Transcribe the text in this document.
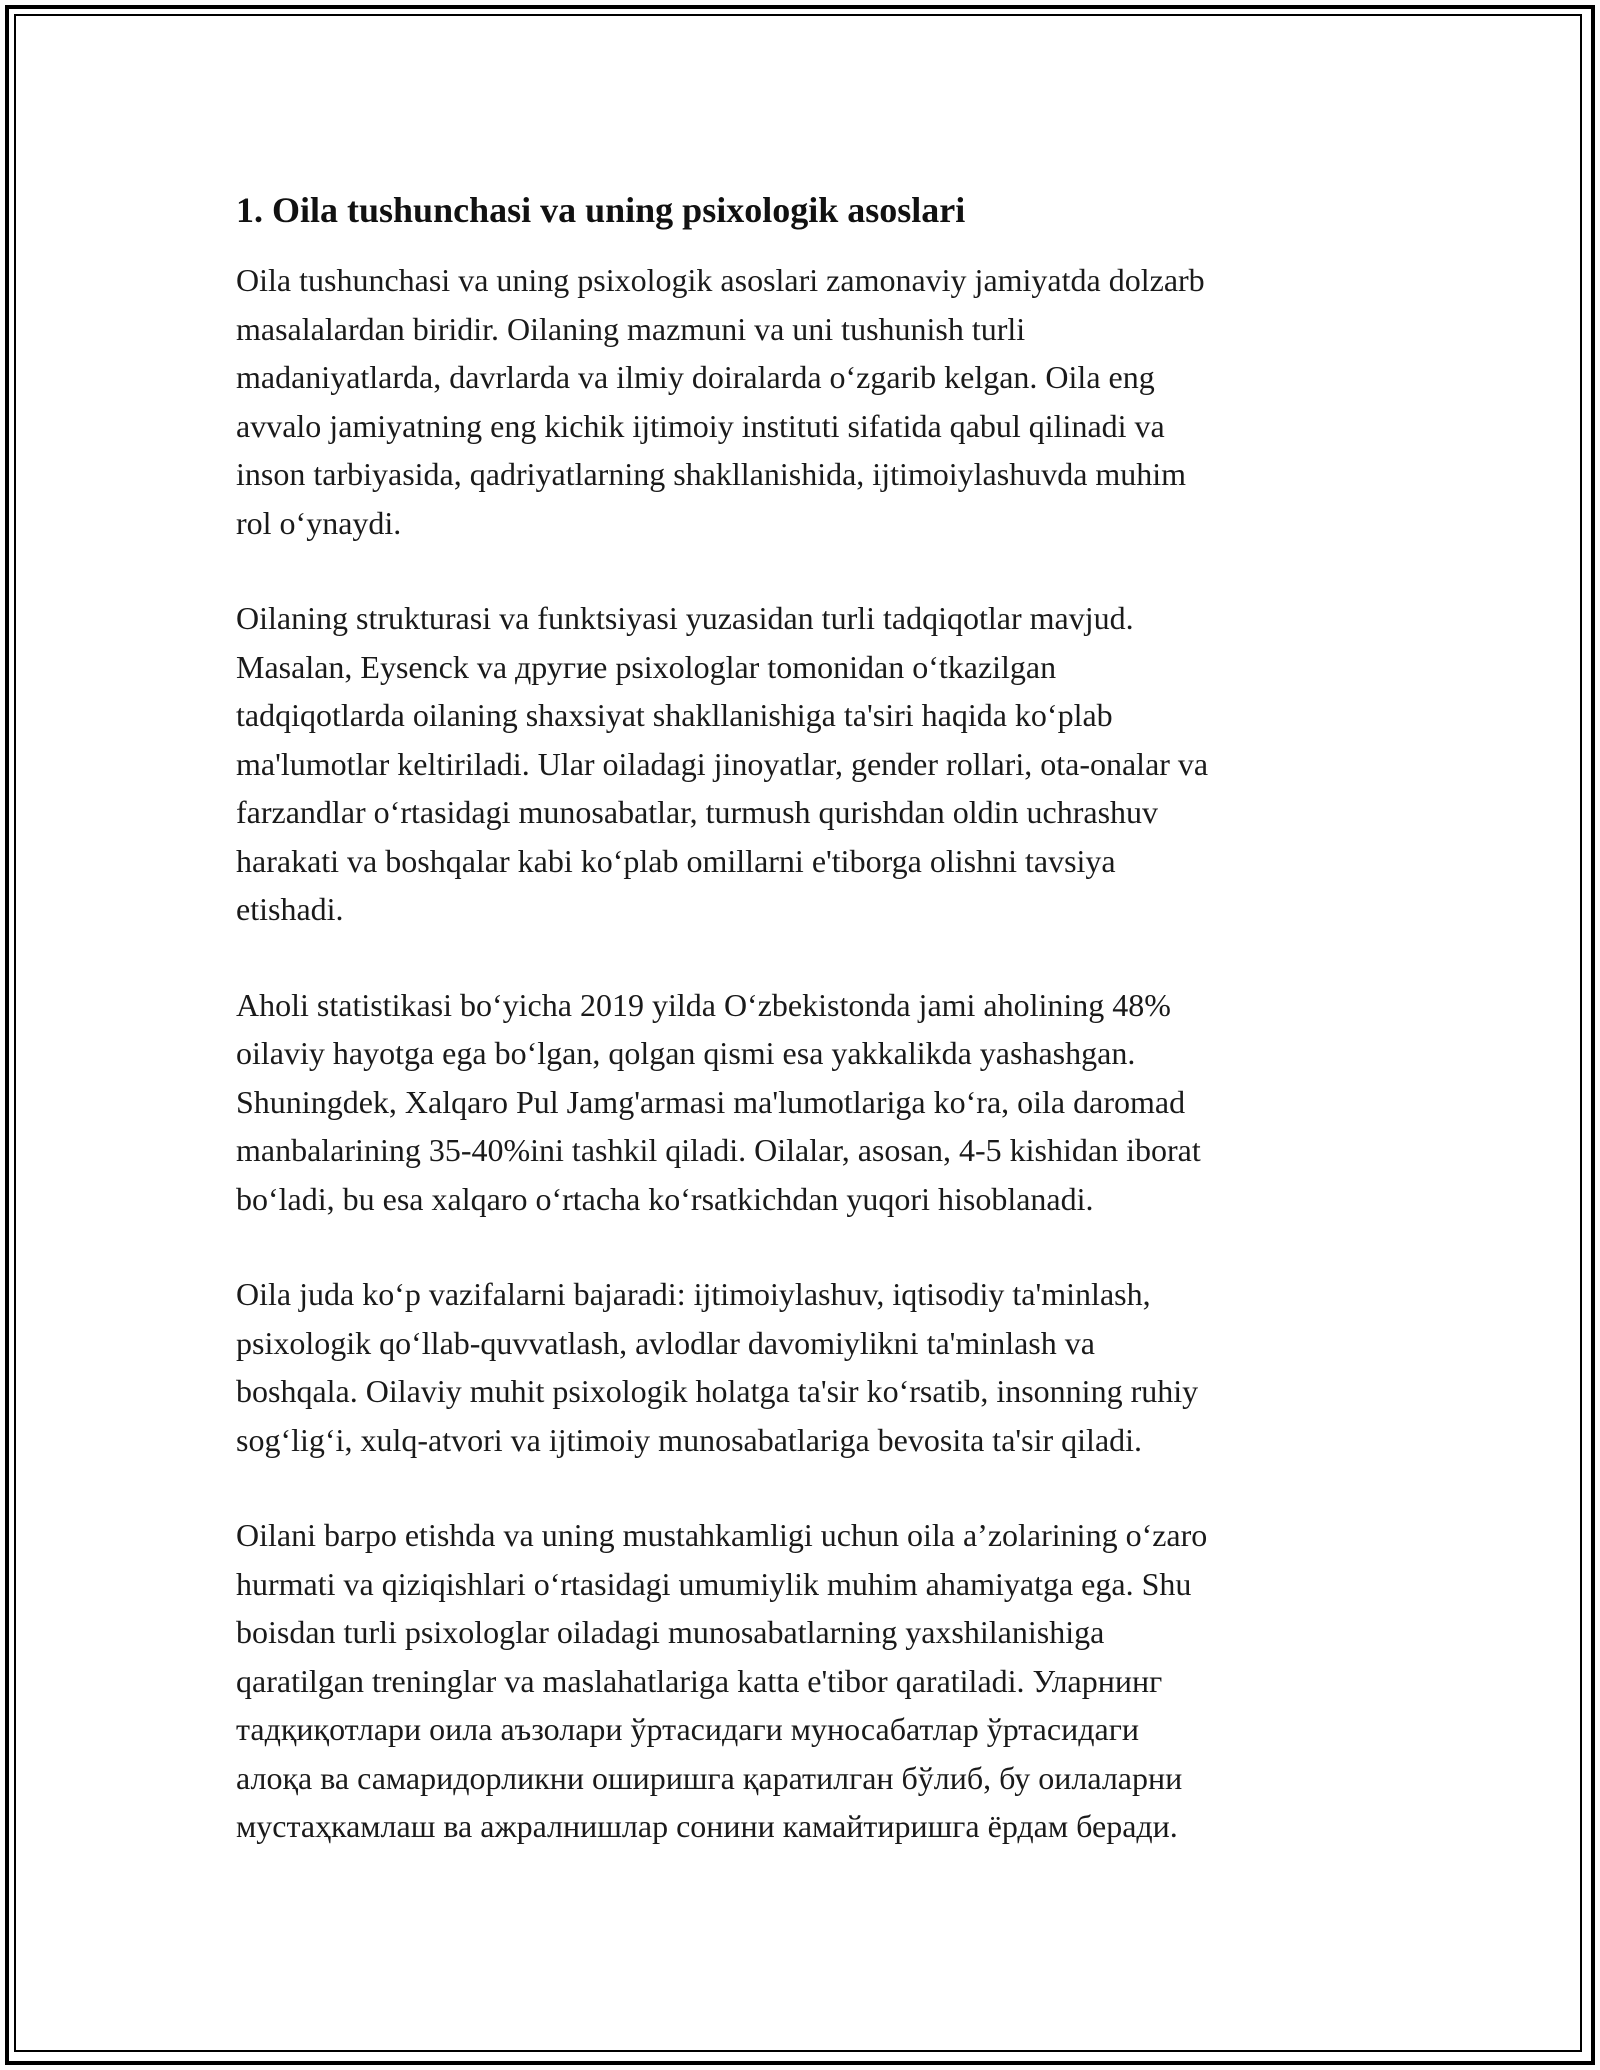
1. Oila tushunchasi va uning psixologik asoslari

Oila tushunchasi va uning psixologik asoslari zamonaviy jamiyatda dolzarb
masalalardan biridir. Oilaning mazmuni va uni tushunish turli
madaniyatlarda, davrlarda va ilmiy doiralarda oʻzgarib kelgan. Oila eng
avvalo jamiyatning eng kichik ijtimoiy instituti sifatida qabul qilinadi va
inson tarbiyasida, qadriyatlarning shakllanishida, ijtimoiylashuvda muhim
rol oʻynaydi.

Oilaning strukturasi va funktsiyasi yuzasidan turli tadqiqotlar mavjud.
Masalan, Eysenck va другие psixologlar tomonidan oʻtkazilgan
tadqiqotlarda oilaning shaxsiyat shakllanishiga ta'siri haqida koʻplab
ma'lumotlar keltiriladi. Ular oiladagi jinoyatlar, gender rollari, ota-onalar va
farzandlar oʻrtasidagi munosabatlar, turmush qurishdan oldin uchrashuv
harakati va boshqalar kabi koʻplab omillarni e'tiborga olishni tavsiya
etishadi.

Aholi statistikasi boʻyicha 2019 yilda Oʻzbekistonda jami aholining 48%
oilaviy hayotga ega boʻlgan, qolgan qismi esa yakkalikda yashashgan.
Shuningdek, Xalqaro Pul Jamg'armasi ma'lumotlariga koʻra, oila daromad
manbalarining 35-40%ini tashkil qiladi. Oilalar, asosan, 4-5 kishidan iborat
boʻladi, bu esa xalqaro oʻrtacha koʻrsatkichdan yuqori hisoblanadi.

Oila juda koʻp vazifalarni bajaradi: ijtimoiylashuv, iqtisodiy ta'minlash,
psixologik qoʻllab-quvvatlash, avlodlar davomiylikni ta'minlash va
boshqala. Oilaviy muhit psixologik holatga ta'sir koʻrsatib, insonning ruhiy
sogʻligʻi, xulq-atvori va ijtimoiy munosabatlariga bevosita ta'sir qiladi.

Oilani barpo etishda va uning mustahkamligi uchun oila a’zolarining oʻzaro
hurmati va qiziqishlari oʻrtasidagi umumiylik muhim ahamiyatga ega. Shu
boisdan turli psixologlar oiladagi munosabatlarning yaxshilanishiga
qaratilgan treninglar va maslahatlariga katta e'tibor qaratiladi. Уларнинг
тадқиқотлари оила аъзолари ўртасидаги муносабатлар ўртасидаги
алоқа ва самаридорликни оширишга қаратилган бўлиб, бу оилаларни
мустаҳкамлаш ва ажралнишлар сонини камайтиришга ёрдам беради.
